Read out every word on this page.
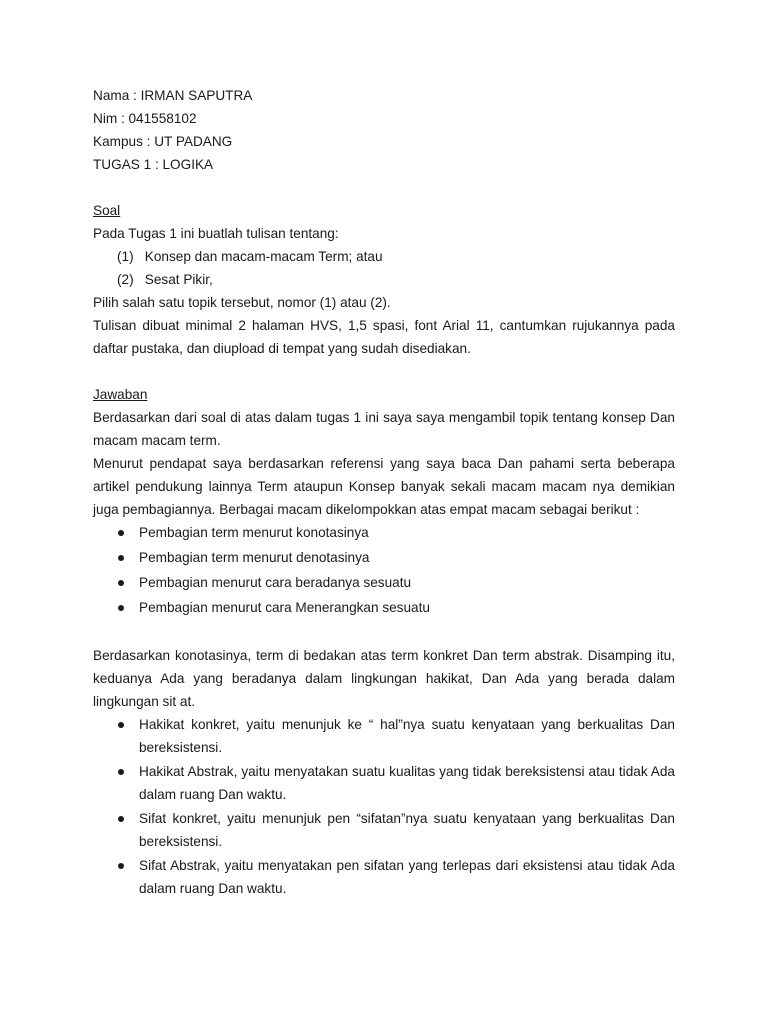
Nama : IRMAN SAPUTRA

Nim : 041558102

Kampus : UT PADANG

TUGAS 1 : LOGIKA

Soal

Pada Tugas 1 ini buatlah tulisan tentang:

(1) Konsep dan macam-macam Term; atau
(2) Sesat Pikir,

Pilih salah satu topik tersebut, nomor (1) atau (2).

Tulisan dibuat minimal 2 halaman HVS, 1,5 spasi, font Arial 11, cantumkan rujukannya pada daftar pustaka, dan diupload di tempat yang sudah disediakan.

Jawaban

Berdasarkan dari soal di atas dalam tugas 1 ini saya saya mengambil topik tentang konsep Dan macam macam term.

Menurut pendapat saya berdasarkan referensi yang saya baca Dan pahami serta beberapa artikel pendukung lainnya Term ataupun Konsep banyak sekali macam macam nya demikian juga pembagiannya. Berbagai macam dikelompokkan atas empat macam sebagai berikut :

Pembagian term menurut konotasinya
Pembagian term menurut denotasinya
Pembagian menurut cara beradanya sesuatu
Pembagian menurut cara Menerangkan sesuatu

Berdasarkan konotasinya, term di bedakan atas term konkret Dan term abstrak. Disamping itu, keduanya Ada yang beradanya dalam lingkungan hakikat, Dan Ada yang berada dalam lingkungan sit at.

Hakikat konkret, yaitu menunjuk ke “ hal”nya suatu kenyataan yang berkualitas Dan bereksistensi.
Hakikat Abstrak, yaitu menyatakan suatu kualitas yang tidak bereksistensi atau tidak Ada dalam ruang Dan waktu.
Sifat konkret, yaitu menunjuk pen “sifatan”nya suatu kenyataan yang berkualitas Dan bereksistensi.
Sifat Abstrak, yaitu menyatakan pen sifatan yang terlepas dari eksistensi atau tidak Ada dalam ruang Dan waktu.
